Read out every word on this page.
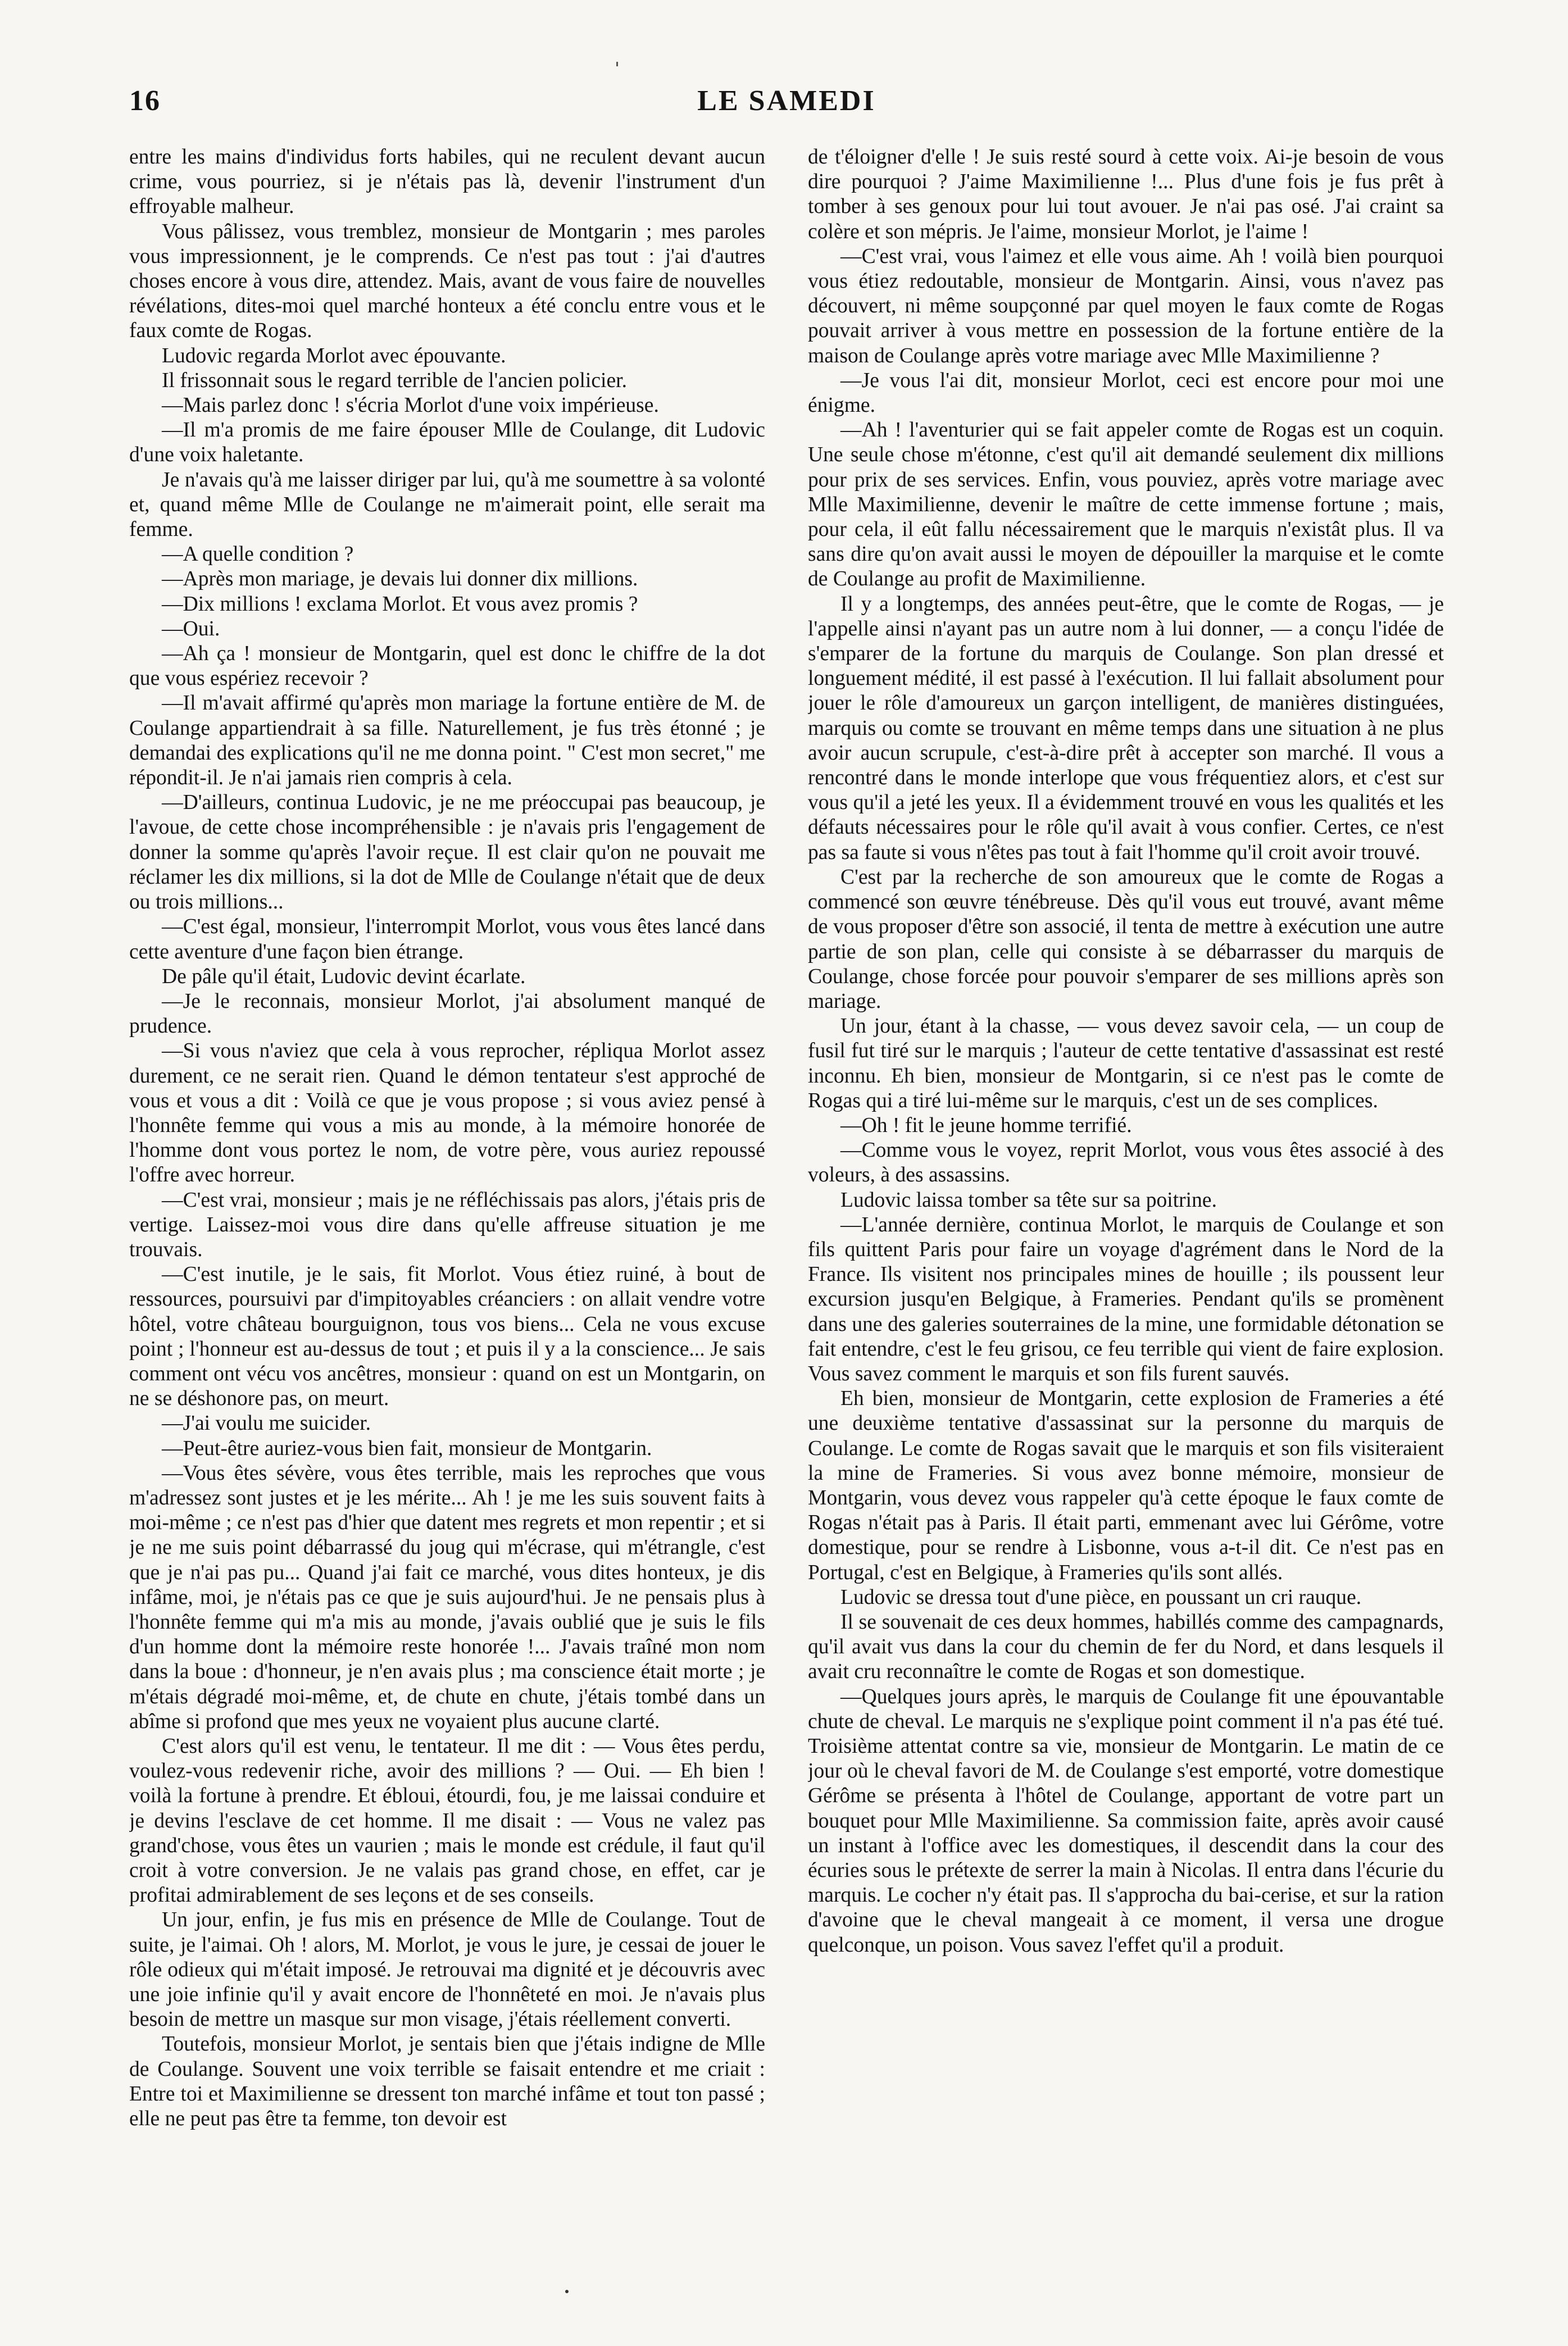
16	LE SAMEDI

entre les mains d'individus forts habiles, qui ne reculent devant aucun crime, vous pourriez, si je n'étais pas là, devenir l'instrument d'un effroyable malheur.

Vous pâlissez, vous tremblez, monsieur de Montgarin ; mes paroles vous impressionnent, je le comprends. Ce n'est pas tout : j'ai d'autres choses encore à vous dire, attendez. Mais, avant de vous faire de nouvelles révélations, dites-moi quel marché honteux a été conclu entre vous et le faux comte de Rogas.

Ludovic regarda Morlot avec épouvante.

Il frissonnait sous le regard terrible de l'ancien policier.

—Mais parlez donc ! s'écria Morlot d'une voix impérieuse.

—Il m'a promis de me faire épouser Mlle de Coulange, dit Ludovic d'une voix haletante.

Je n'avais qu'à me laisser diriger par lui, qu'à me soumettre à sa volonté et, quand même Mlle de Coulange ne m'aimerait point, elle serait ma femme.

—A quelle condition ?

—Après mon mariage, je devais lui donner dix millions.

—Dix millions ! exclama Morlot. Et vous avez promis ?

—Oui.

—Ah ça ! monsieur de Montgarin, quel est donc le chiffre de la dot que vous espériez recevoir ?

—Il m'avait affirmé qu'après mon mariage la fortune entière de M. de Coulange appartiendrait à sa fille. Naturellement, je fus très étonné ; je demandai des explications qu'il ne me donna point. " C'est mon secret," me répondit-il. Je n'ai jamais rien compris à cela.

—D'ailleurs, continua Ludovic, je ne me préoccupai pas beaucoup, je l'avoue, de cette chose incompréhensible : je n'avais pris l'engagement de donner la somme qu'après l'avoir reçue. Il est clair qu'on ne pouvait me réclamer les dix millions, si la dot de Mlle de Coulange n'était que de deux ou trois millions...

—C'est égal, monsieur, l'interrompit Morlot, vous vous êtes lancé dans cette aventure d'une façon bien étrange.

De pâle qu'il était, Ludovic devint écarlate.

—Je le reconnais, monsieur Morlot, j'ai absolument manqué de prudence.

—Si vous n'aviez que cela à vous reprocher, répliqua Morlot assez durement, ce ne serait rien. Quand le démon tentateur s'est approché de vous et vous a dit : Voilà ce que je vous propose ; si vous aviez pensé à l'honnête femme qui vous a mis au monde, à la mémoire honorée de l'homme dont vous portez le nom, de votre père, vous auriez repoussé l'offre avec horreur.

—C'est vrai, monsieur ; mais je ne réfléchissais pas alors, j'étais pris de vertige. Laissez-moi vous dire dans qu'elle affreuse situation je me trouvais.

—C'est inutile, je le sais, fit Morlot. Vous étiez ruiné, à bout de ressources, poursuivi par d'impitoyables créanciers : on allait vendre votre hôtel, votre château bourguignon, tous vos biens... Cela ne vous excuse point ; l'honneur est au-dessus de tout ; et puis il y a la conscience... Je sais comment ont vécu vos ancêtres, monsieur : quand on est un Montgarin, on ne se déshonore pas, on meurt.

—J'ai voulu me suicider.

—Peut-être auriez-vous bien fait, monsieur de Montgarin.

—Vous êtes sévère, vous êtes terrible, mais les reproches que vous m'adressez sont justes et je les mérite... Ah ! je me les suis souvent faits à moi-même ; ce n'est pas d'hier que datent mes regrets et mon repentir ; et si je ne me suis point débarrassé du joug qui m'écrase, qui m'étrangle, c'est que je n'ai pas pu... Quand j'ai fait ce marché, vous dites honteux, je dis infâme, moi, je n'étais pas ce que je suis aujourd'hui. Je ne pensais plus à l'honnête femme qui m'a mis au monde, j'avais oublié que je suis le fils d'un homme dont la mémoire reste honorée !... J'avais traîné mon nom dans la boue : d'honneur, je n'en avais plus ; ma conscience était morte ; je m'étais dégradé moi-même, et, de chute en chute, j'étais tombé dans un abîme si profond que mes yeux ne voyaient plus aucune clarté.

C'est alors qu'il est venu, le tentateur. Il me dit : — Vous êtes perdu, voulez-vous redevenir riche, avoir des millions ? — Oui. — Eh bien ! voilà la fortune à prendre. Et ébloui, étourdi, fou, je me laissai conduire et je devins l'esclave de cet homme. Il me disait : — Vous ne valez pas grand'chose, vous êtes un vaurien ; mais le monde est crédule, il faut qu'il croit à votre conversion. Je ne valais pas grand chose, en effet, car je profitai admirablement de ses leçons et de ses conseils.

Un jour, enfin, je fus mis en présence de Mlle de Coulange. Tout de suite, je l'aimai. Oh ! alors, M. Morlot, je vous le jure, je cessai de jouer le rôle odieux qui m'était imposé. Je retrouvai ma dignité et je découvris avec une joie infinie qu'il y avait encore de l'honnêteté en moi. Je n'avais plus besoin de mettre un masque sur mon visage, j'étais réellement converti.

Toutefois, monsieur Morlot, je sentais bien que j'étais indigne de Mlle de Coulange. Souvent une voix terrible se faisait entendre et me criait : Entre toi et Maximilienne se dressent ton marché infâme et tout ton passé ; elle ne peut pas être ta femme, ton devoir est

de t'éloigner d'elle ! Je suis resté sourd à cette voix. Ai-je besoin de vous dire pourquoi ? J'aime Maximilienne !... Plus d'une fois je fus prêt à tomber à ses genoux pour lui tout avouer. Je n'ai pas osé. J'ai craint sa colère et son mépris. Je l'aime, monsieur Morlot, je l'aime !

—C'est vrai, vous l'aimez et elle vous aime. Ah ! voilà bien pourquoi vous étiez redoutable, monsieur de Montgarin. Ainsi, vous n'avez pas découvert, ni même soupçonné par quel moyen le faux comte de Rogas pouvait arriver à vous mettre en possession de la fortune entière de la maison de Coulange après votre mariage avec Mlle Maximilienne ?

—Je vous l'ai dit, monsieur Morlot, ceci est encore pour moi une énigme.

—Ah ! l'aventurier qui se fait appeler comte de Rogas est un coquin. Une seule chose m'étonne, c'est qu'il ait demandé seulement dix millions pour prix de ses services. Enfin, vous pouviez, après votre mariage avec Mlle Maximilienne, devenir le maître de cette immense fortune ; mais, pour cela, il eût fallu nécessairement que le marquis n'existât plus. Il va sans dire qu'on avait aussi le moyen de dépouiller la marquise et le comte de Coulange au profit de Maximilienne.

Il y a longtemps, des années peut-être, que le comte de Rogas, — je l'appelle ainsi n'ayant pas un autre nom à lui donner, — a conçu l'idée de s'emparer de la fortune du marquis de Coulange. Son plan dressé et longuement médité, il est passé à l'exécution. Il lui fallait absolument pour jouer le rôle d'amoureux un garçon intelligent, de manières distinguées, marquis ou comte se trouvant en même temps dans une situation à ne plus avoir aucun scrupule, c'est-à-dire prêt à accepter son marché. Il vous a rencontré dans le monde interlope que vous fréquentiez alors, et c'est sur vous qu'il a jeté les yeux. Il a évidemment trouvé en vous les qualités et les défauts nécessaires pour le rôle qu'il avait à vous confier. Certes, ce n'est pas sa faute si vous n'êtes pas tout à fait l'homme qu'il croit avoir trouvé.

C'est par la recherche de son amoureux que le comte de Rogas a commencé son œuvre ténébreuse. Dès qu'il vous eut trouvé, avant même de vous proposer d'être son associé, il tenta de mettre à exécution une autre partie de son plan, celle qui consiste à se débarrasser du marquis de Coulange, chose forcée pour pouvoir s'emparer de ses millions après son mariage.

Un jour, étant à la chasse, — vous devez savoir cela, — un coup de fusil fut tiré sur le marquis ; l'auteur de cette tentative d'assassinat est resté inconnu. Eh bien, monsieur de Montgarin, si ce n'est pas le comte de Rogas qui a tiré lui-même sur le marquis, c'est un de ses complices.

—Oh ! fit le jeune homme terrifié.

—Comme vous le voyez, reprit Morlot, vous vous êtes associé à des voleurs, à des assassins.

Ludovic laissa tomber sa tête sur sa poitrine.

—L'année dernière, continua Morlot, le marquis de Coulange et son fils quittent Paris pour faire un voyage d'agrément dans le Nord de la France. Ils visitent nos principales mines de houille ; ils poussent leur excursion jusqu'en Belgique, à Frameries. Pendant qu'ils se promènent dans une des galeries souterraines de la mine, une formidable détonation se fait entendre, c'est le feu grisou, ce feu terrible qui vient de faire explosion. Vous savez comment le marquis et son fils furent sauvés.

Eh bien, monsieur de Montgarin, cette explosion de Frameries a été une deuxième tentative d'assassinat sur la personne du marquis de Coulange. Le comte de Rogas savait que le marquis et son fils visiteraient la mine de Frameries. Si vous avez bonne mémoire, monsieur de Montgarin, vous devez vous rappeler qu'à cette époque le faux comte de Rogas n'était pas à Paris. Il était parti, emmenant avec lui Gérôme, votre domestique, pour se rendre à Lisbonne, vous a-t-il dit. Ce n'est pas en Portugal, c'est en Belgique, à Frameries qu'ils sont allés.

Ludovic se dressa tout d'une pièce, en poussant un cri rauque.

Il se souvenait de ces deux hommes, habillés comme des campagnards, qu'il avait vus dans la cour du chemin de fer du Nord, et dans lesquels il avait cru reconnaître le comte de Rogas et son domestique.

—Quelques jours après, le marquis de Coulange fit une épouvantable chute de cheval. Le marquis ne s'explique point comment il n'a pas été tué. Troisième attentat contre sa vie, monsieur de Montgarin. Le matin de ce jour où le cheval favori de M. de Coulange s'est emporté, votre domestique Gérôme se présenta à l'hôtel de Coulange, apportant de votre part un bouquet pour Mlle Maximilienne. Sa commission faite, après avoir causé un instant à l'office avec les domestiques, il descendit dans la cour des écuries sous le prétexte de serrer la main à Nicolas. Il entra dans l'écurie du marquis. Le cocher n'y était pas. Il s'approcha du bai-cerise, et sur la ration d'avoine que le cheval mangeait à ce moment, il versa une drogue quelconque, un poison. Vous savez l'effet qu'il a produit.
